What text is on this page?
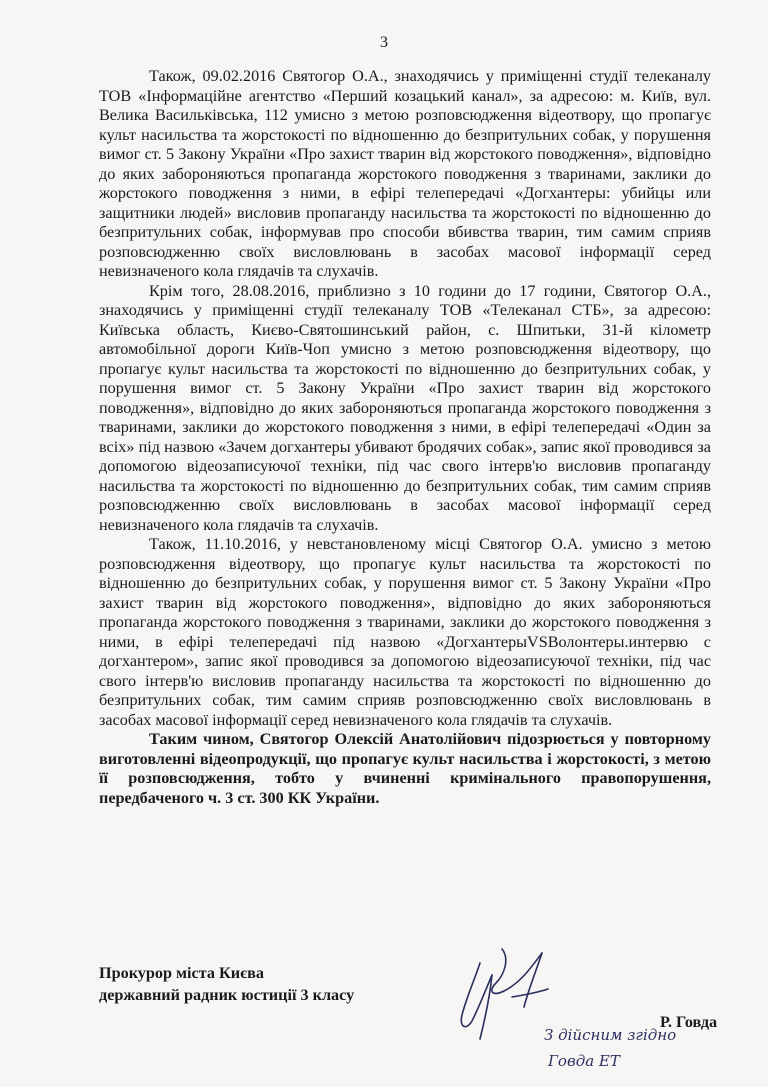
3

Також, 09.02.2016 Святогор О.А., знаходячись у приміщенні студії телеканалу ТОВ «Інформаційне агентство «Перший козацький канал», за адресою: м. Київ, вул. Велика Васильківська, 112 умисно з метою розповсюдження відеотвору, що пропагує культ насильства та жорстокості по відношенню до безпритульних собак, у порушення вимог ст. 5 Закону України «Про захист тварин від жорстокого поводження», відповідно до яких забороняються пропаганда жорстокого поводження з тваринами, заклики до жорстокого поводження з ними, в ефірі телепередачі «Догхантеры: убийцы или защитники людей» висловив пропаганду насильства та жорстокості по відношенню до безпритульних собак, інформував про способи вбивства тварин, тим самим сприяв розповсюдженню своїх висловлювань в засобах масової інформації серед невизначеного кола глядачів та слухачів.

Крім того, 28.08.2016, приблизно з 10 години до 17 години, Святогор О.А., знаходячись у приміщенні студії телеканалу ТОВ «Телеканал СТБ», за адресою: Київська область, Києво-Святошинський район, с. Шпитьки, 31-й кілометр автомобільної дороги Київ-Чоп умисно з метою розповсюдження відеотвору, що пропагує культ насильства та жорстокості по відношенню до безпритульних собак, у порушення вимог ст. 5 Закону України «Про захист тварин від жорстокого поводження», відповідно до яких забороняються пропаганда жорстокого поводження з тваринами, заклики до жорстокого поводження з ними, в ефірі телепередачі «Один за всіх» під назвою «Зачем догхантеры убивают бродячих собак», запис якої проводився за допомогою відеозаписуючої техніки, під час свого інтерв'ю висловив пропаганду насильства та жорстокості по відношенню до безпритульних собак, тим самим сприяв розповсюдженню своїх висловлювань в засобах масової інформації серед невизначеного кола глядачів та слухачів.

Також, 11.10.2016, у невстановленому місці Святогор О.А. умисно з метою розповсюдження відеотвору, що пропагує культ насильства та жорстокості по відношенню до безпритульних собак, у порушення вимог ст. 5 Закону України «Про захист тварин від жорстокого поводження», відповідно до яких забороняються пропаганда жорстокого поводження з тваринами, заклики до жорстокого поводження з ними, в ефірі телепередачі під назвою «ДогхантерыVSВолонтеры.интервю с догхантером», запис якої проводився за допомогою відеозаписуючої техніки, під час свого інтерв'ю висловив пропаганду насильства та жорстокості по відношенню до безпритульних собак, тим самим сприяв розповсюдженню своїх висловлювань в засобах масової інформації серед невизначеного кола глядачів та слухачів.

Таким чином, Святогор Олексій Анатолійович підозрюється у повторному виготовленні відеопродукції, що пропагує культ насильства і жорстокості, з метою її розповсюдження, тобто у вчиненні кримінального правопорушення, передбаченого ч. 3 ст. 300 КК України.

Прокурор міста Києва
державний радник юстиції 3 класу
Р. Говда
З дійсним згідно
Говда ЕТ
